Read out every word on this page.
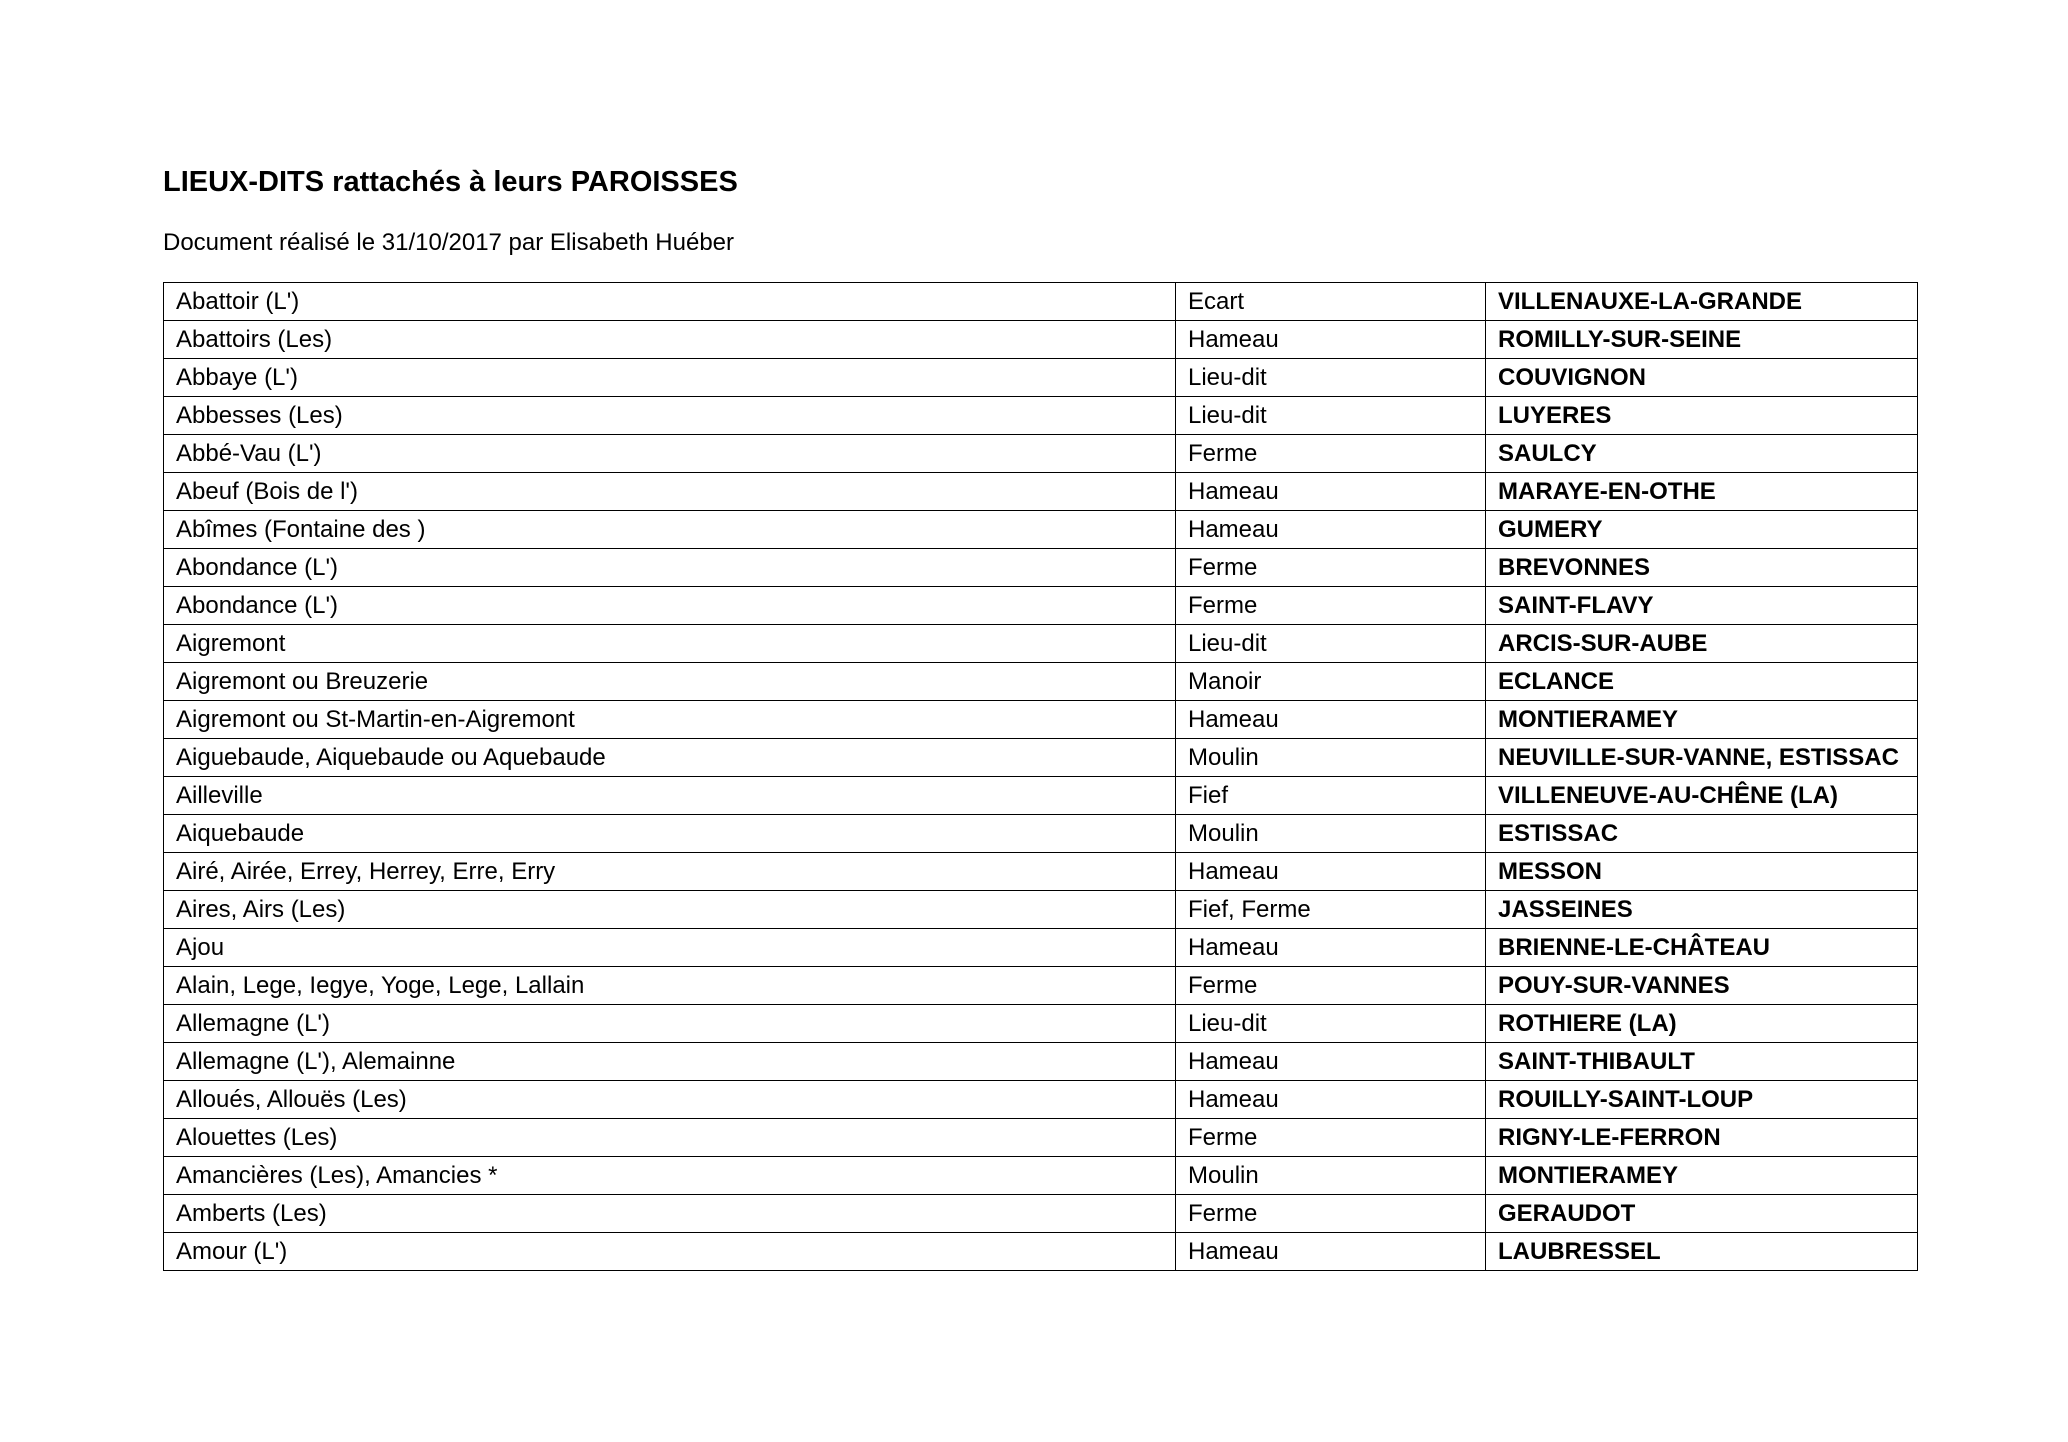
LIEUX-DITS rattachés à leurs PAROISSES
Document réalisé le 31/10/2017 par Elisabeth Huéber
Abattoir (L')	Ecart	VILLENAUXE-LA-GRANDE
Abattoirs (Les)	Hameau	ROMILLY-SUR-SEINE
Abbaye (L')	Lieu-dit	COUVIGNON
Abbesses (Les)	Lieu-dit	LUYERES
Abbé-Vau (L')	Ferme	SAULCY
Abeuf (Bois de l')	Hameau	MARAYE-EN-OTHE
Abîmes (Fontaine des )	Hameau	GUMERY
Abondance (L')	Ferme	BREVONNES
Abondance (L')	Ferme	SAINT-FLAVY
Aigremont	Lieu-dit	ARCIS-SUR-AUBE
Aigremont ou Breuzerie	Manoir	ECLANCE
Aigremont ou St-Martin-en-Aigremont	Hameau	MONTIERAMEY
Aiguebaude, Aiquebaude ou Aquebaude	Moulin	NEUVILLE-SUR-VANNE, ESTISSAC
Ailleville	Fief	VILLENEUVE-AU-CHÊNE (LA)
Aiquebaude	Moulin	ESTISSAC
Airé, Airée, Errey, Herrey, Erre, Erry	Hameau	MESSON
Aires, Airs (Les)	Fief, Ferme	JASSEINES
Ajou	Hameau	BRIENNE-LE-CHÂTEAU
Alain, Lege, Iegye, Yoge, Lege, Lallain	Ferme	POUY-SUR-VANNES
Allemagne (L')	Lieu-dit	ROTHIERE (LA)
Allemagne (L'), Alemainne	Hameau	SAINT-THIBAULT
Alloués, Allouës (Les)	Hameau	ROUILLY-SAINT-LOUP
Alouettes (Les)	Ferme	RIGNY-LE-FERRON
Amancières (Les), Amancies *	Moulin	MONTIERAMEY
Amberts (Les)	Ferme	GERAUDOT
Amour (L')	Hameau	LAUBRESSEL
